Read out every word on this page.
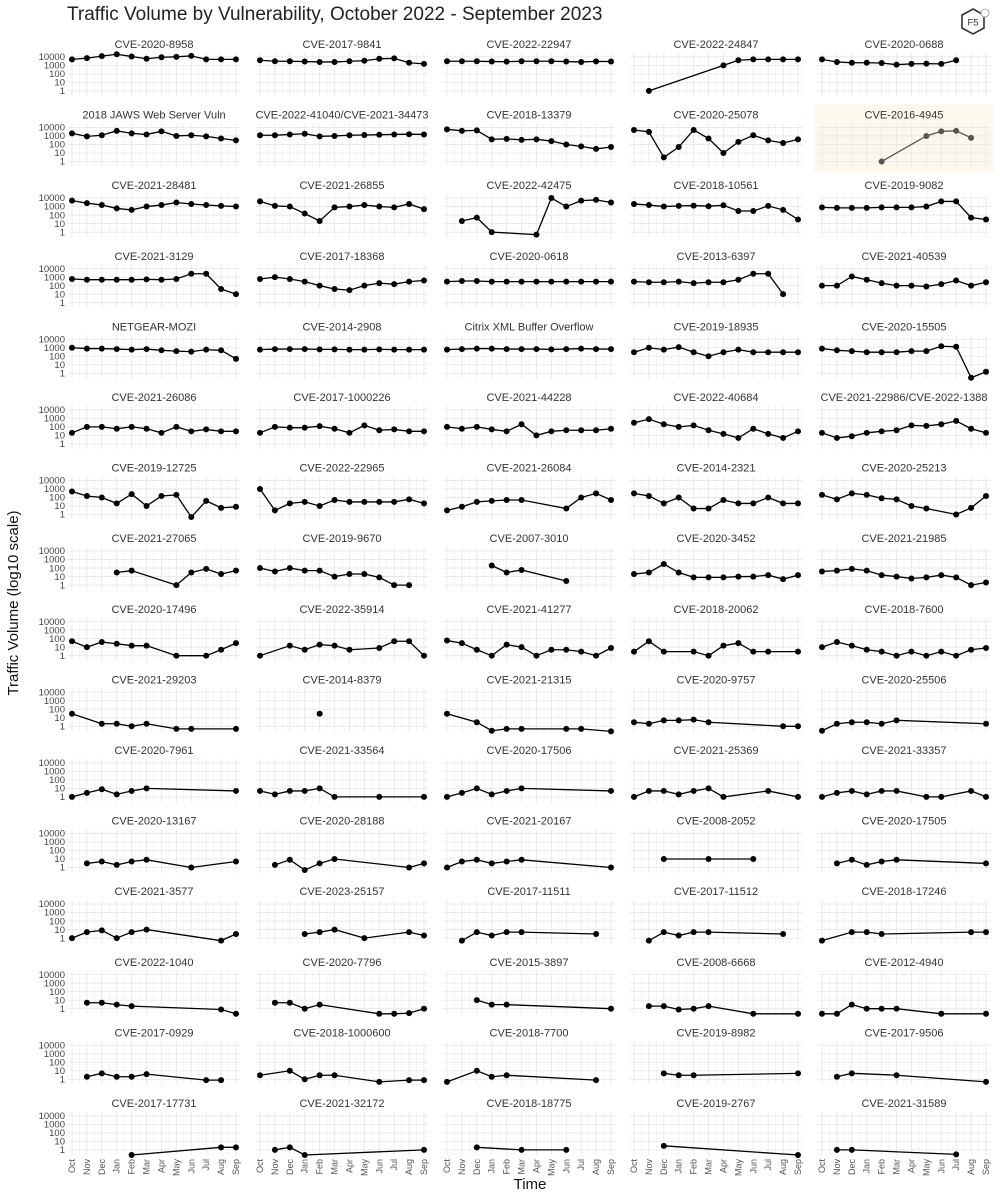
Traffic Volume by Vulnerability, October 2022 - September 2023	F5
CVE-2020-8958
1
10
100
1000
10000
CVE-2017-9841	CVE-2022-22947	CVE-2022-24847	CVE-2020-0688
2018 JAWS Web Server Vuln
1
10
100
1000
10000
CVE-2022-41040/CVE-2021-34473	CVE-2018-13379	CVE-2020-25078	CVE-2016-4945
CVE-2021-28481
1
10
100
1000
10000
CVE-2021-26855	CVE-2022-42475	CVE-2018-10561	CVE-2019-9082
CVE-2021-3129
1
10
100
1000
10000
CVE-2017-18368	CVE-2020-0618	CVE-2013-6397	CVE-2021-40539
NETGEAR-MOZI
1
10
100
1000
10000
CVE-2014-2908	Citrix XML Buffer Overflow	CVE-2019-18935	CVE-2020-15505
CVE-2021-26086
1
10
100
1000
10000
CVE-2017-1000226	CVE-2021-44228	CVE-2022-40684	CVE-2021-22986/CVE-2022-1388
CVE-2019-12725
1
10
100
1000
10000
CVE-2022-22965	CVE-2021-26084	CVE-2014-2321	CVE-2020-25213
CVE-2021-27065
1
10
100
1000
10000
CVE-2019-9670	CVE-2007-3010	CVE-2020-3452	CVE-2021-21985
CVE-2020-17496
1
10
100
1000
10000
CVE-2022-35914	CVE-2021-41277	CVE-2018-20062	CVE-2018-7600
CVE-2021-29203
1
10
100
1000
10000
CVE-2014-8379	CVE-2021-21315	CVE-2020-9757	CVE-2020-25506
CVE-2020-7961
1
10
100
1000
10000
CVE-2021-33564	CVE-2020-17506	CVE-2021-25369	CVE-2021-33357
CVE-2020-13167
1
10
100
1000
10000
CVE-2020-28188	CVE-2021-20167	CVE-2008-2052	CVE-2020-17505
CVE-2021-3577
1
10
100
1000
10000
CVE-2023-25157	CVE-2017-11511	CVE-2017-11512	CVE-2018-17246
CVE-2022-1040
1
10
100
1000
10000
CVE-2020-7796	CVE-2015-3897	CVE-2008-6668	CVE-2012-4940
CVE-2017-0929
1
10
100
1000
10000
CVE-2018-1000600	CVE-2018-7700	CVE-2019-8982	CVE-2017-9506
CVE-2017-17731
1
10
100
1000
10000
CVE-2021-32172	CVE-2018-18775	CVE-2019-2767	CVE-2021-31589
Oct Nov Dec Jan Feb Mar Apr May Jun Jul Aug Sep Oct Nov Dec Jan Feb Mar Apr May Jun Jul Aug Sep Oct Nov Dec Jan Feb Mar Apr May Jun Jul Aug Sep Oct Nov Dec Jan Feb Mar Apr May Jun Jul Aug Sep Oct Nov Dec Jan Feb Mar Apr May Jun Jul Aug Sep
Time
Traffic Volume (log10 scale)
